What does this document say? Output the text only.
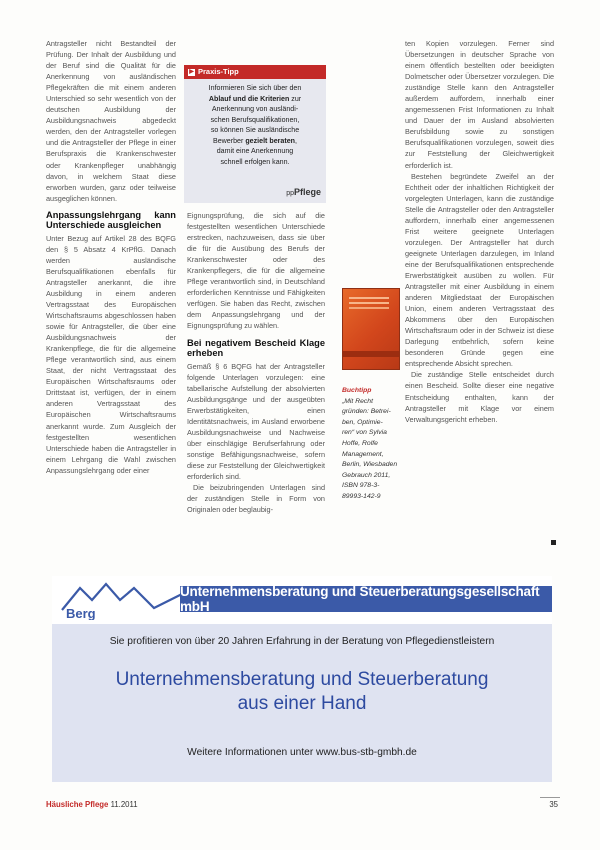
Antragsteller nicht Bestandteil der Prüfung. Der Inhalt der Ausbildung und der Beruf sind die Qualität für die Anerkennung von ausländischen Pflegekräften die mit einem anderen Unterschied so sehr wesentlich von der deutschen Ausbildung der Ausbildungsnachweis abgedeckt werden, den der Antragsteller vorlegen und die Antragsteller der Pflege in einer Berufspraxis die Krankenschwester oder Krankenpfleger unabhängig davon, in welchem Staat diese erworben wurden, ganz oder teilweise ausgeglichen können.

Anpassungslehrgang kann Unterschiede ausgleichen

Unter Bezug auf Artikel 28 des BQFG den § 5 Absatz 4 KrPflG. Danach werden ausländische Berufsqualifikationen ebenfalls für Antragsteller anerkannt, die ihre Ausbildung in einem anderen Vertragsstaat des Europäischen Wirtschaftsraums abgeschlossen haben sowie für Antragsteller, die über eine Ausbildungsnachweis der Krankenpflege, die für die allgemeine Pflege verantwortlich sind, aus einem Staat, der nicht Vertragsstaat des Europäischen Wirtschaftsraums oder Drittstaat ist, verfügen, der in einem anderen Vertragsstaat des Europäischen Wirtschaftsraums anerkannt wurde. Zum Ausgleich der festgestellten wesentlichen Unterschiede haben die Antragsteller in einem Lehrgang die Wahl zwischen Anpassungslehrgang oder einer

▶ Praxis-Tipp
Informieren Sie sich über den
Ablauf und die Kriterien zur
Anerkennung von ausländi-
schen Berufsqualifikationen,
so können Sie ausländische
Bewerber gezielt beraten,
damit eine Anerkennung
schnell erfolgen kann.
ppPflege

Eignungsprüfung, die sich auf die festgestellten wesentlichen Unterschiede erstrecken, nachzuweisen, dass sie über die für die Ausübung des Berufs der Krankenschwester oder des Krankenpflegers, die für die allgemeine Pflege verantwortlich sind, in Deutschland erforderlichen Kenntnisse und Fähigkeiten verfügen. Sie haben das Recht, zwischen dem Anpassungslehrgang und der Eignungsprüfung zu wählen.

Bei negativem Bescheid Klage erheben

Gemäß § 6 BQFG hat der Antragsteller folgende Unterlagen vorzulegen: eine tabellarische Aufstellung der absolvierten Ausbildungsgänge und der ausgeübten Erwerbstätigkeiten, einen Identitätsnachweis, im Ausland erworbene Ausbildungsnachweise und Nachweise über einschlägige Berufserfahrung oder sonstige Befähigungsnachweise, sofern diese zur Feststellung der Gleichwertigkeit erforderlich sind.

Die beizubringenden Unterlagen sind der zuständigen Stelle in Form von Originalen oder beglaubig-

Buchtipp
„Mit Recht
gründen: Betrei-
ben, Optimie-
ren“ von Sylvia
Hoffe, Rolfe
Management,
Berlin, Wiesbaden
Gebrauch 2011,
ISBN 978-3-
89993-142-9

ten Kopien vorzulegen. Ferner sind Übersetzungen in deutscher Sprache von einem öffentlich bestellten oder beeidigten Dolmetscher oder Übersetzer vorzulegen. Die zuständige Stelle kann den Antragsteller außerdem auffordern, innerhalb einer angemessenen Frist Informationen zu Inhalt und Dauer der im Ausland absolvierten Berufsbildung sowie zu sonstigen Berufsqualifikationen vorzulegen, soweit dies zur Feststellung der Gleichwertigkeit erforderlich ist.

Bestehen begründete Zweifel an der Echtheit oder der inhaltlichen Richtigkeit der vorgelegten Unterlagen, kann die zuständige Stelle die Antragsteller oder den Antragsteller auffordern, innerhalb einer angemessenen Frist weitere geeignete Unterlagen vorzulegen. Der Antragsteller hat durch geeignete Unterlagen darzulegen, im Inland eine der Berufsqualifikationen entsprechende Erwerbstätigkeit ausüben zu wollen. Für Antragsteller mit einer Ausbildung in einem anderen Mitgliedstaat der Europäischen Union, einem anderen Vertragsstaat des Abkommens über den Europäischen Wirtschaftsraum oder in der Schweiz ist diese Darlegung entbehrlich, sofern keine besonderen Gründe gegen eine entsprechende Absicht sprechen.

Die zuständige Stelle entscheidet durch einen Bescheid. Sollte dieser eine negative Entscheidung enthalten, kann der Antragsteller mit Klage vor einem Verwaltungsgericht erheben.

Berg
Unternehmensberatung und Steuerberatungsgesellschaft mbH
Sie profitieren von über 20 Jahren Erfahrung in der Beratung von Pflegedienstleistern
Unternehmensberatung und Steuerberatung
aus einer Hand
Weitere Informationen unter www.bus-stb-gmbh.de
Häusliche Pflege 11.2011	35
